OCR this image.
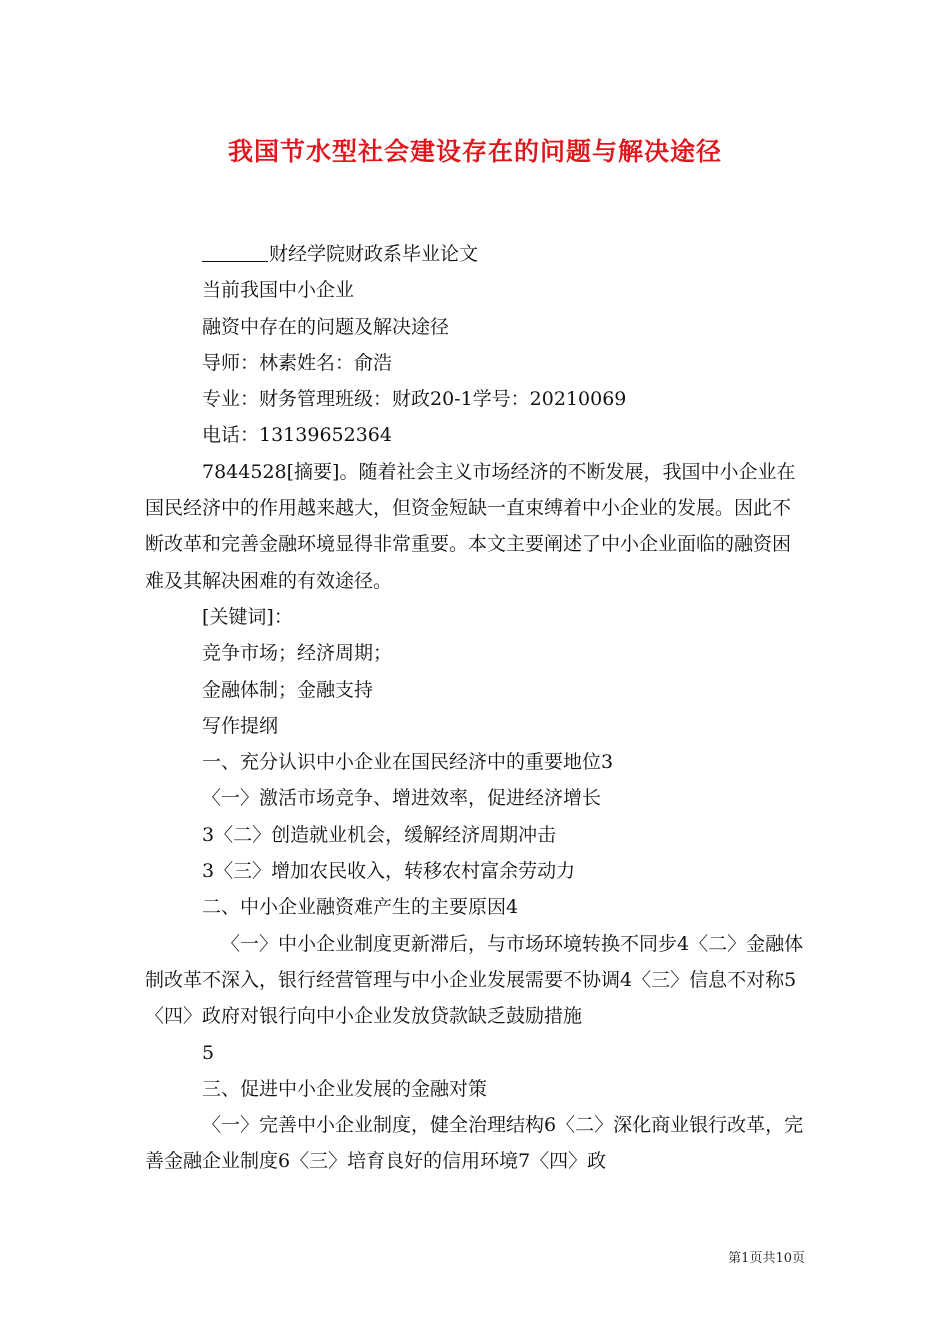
我国节水型社会建设存在的问题与解决途径

财经学院财政系毕业论文

当前我国中小企业

融资中存在的问题及解决途径

导师：林素姓名：俞浩

专业：财务管理班级：财政20-1学号：20210069

电话：13139652364

7844528[摘要]。随着社会主义市场经济的不断发展，我国中小企业在国民经济中的作用越来越大，但资金短缺一直束缚着中小企业的发展。因此不断改革和完善金融环境显得非常重要。本文主要阐述了中小企业面临的融资困难及其解决困难的有效途径。

[关键词]：

竞争市场；经济周期；

金融体制；金融支持

写作提纲

一、充分认识中小企业在国民经济中的重要地位3

〈一〉激活市场竞争、增进效率，促进经济增长

3〈二〉创造就业机会，缓解经济周期冲击

3〈三〉增加农民收入，转移农村富余劳动力

二、中小企业融资难产生的主要原因4

〈一〉中小企业制度更新滞后，与市场环境转换不同步4〈二〉金融体制改革不深入，银行经营管理与中小企业发展需要不协调4〈三〉信息不对称5〈四〉政府对银行向中小企业发放贷款缺乏鼓励措施

5

三、促进中小企业发展的金融对策

〈一〉完善中小企业制度，健全治理结构6〈二〉深化商业银行改革，完善金融企业制度6〈三〉培育良好的信用环境7〈四〉政

第1页共10页
